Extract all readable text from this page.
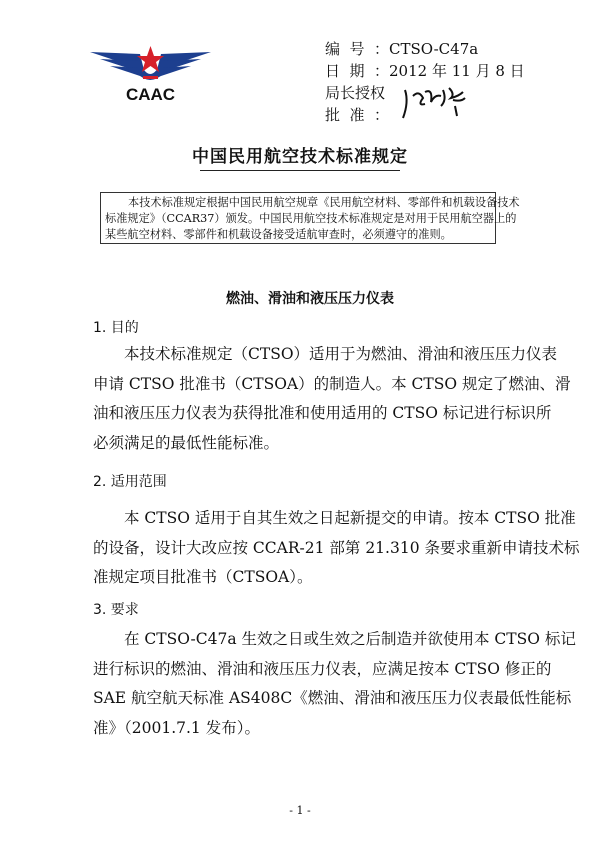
CAAC
编号：CTSO-C47a
日期：2012 年 11 月 8 日
局长授权
批准：
中国民用航空技术标准规定
本技术标准规定根据中国民用航空规章《民用航空材料、零部件和机载设备技术
标准规定》（CCAR37）颁发。中国民用航空技术标准规定是对用于民用航空器上的
某些航空材料、零部件和机载设备接受适航审查时，必须遵守的准则。
燃油、滑油和液压压力仪表
1. 目的
本技术标准规定（CTSO）适用于为燃油、滑油和液压压力仪表
申请 CTSO 批准书（CTSOA）的制造人。本 CTSO 规定了燃油、滑
油和液压压力仪表为获得批准和使用适用的 CTSO 标记进行标识所
必须满足的最低性能标准。
2. 适用范围
本 CTSO 适用于自其生效之日起新提交的申请。按本 CTSO 批准
的设备，设计大改应按 CCAR-21 部第 21.310 条要求重新申请技术标
准规定项目批准书（CTSOA）。
3. 要求
在 CTSO-C47a 生效之日或生效之后制造并欲使用本 CTSO 标记
进行标识的燃油、滑油和液压压力仪表，应满足按本 CTSO 修正的
SAE 航空航天标准 AS408C《燃油、滑油和液压压力仪表最低性能标
准》（2001.7.1 发布）。
- 1 -
